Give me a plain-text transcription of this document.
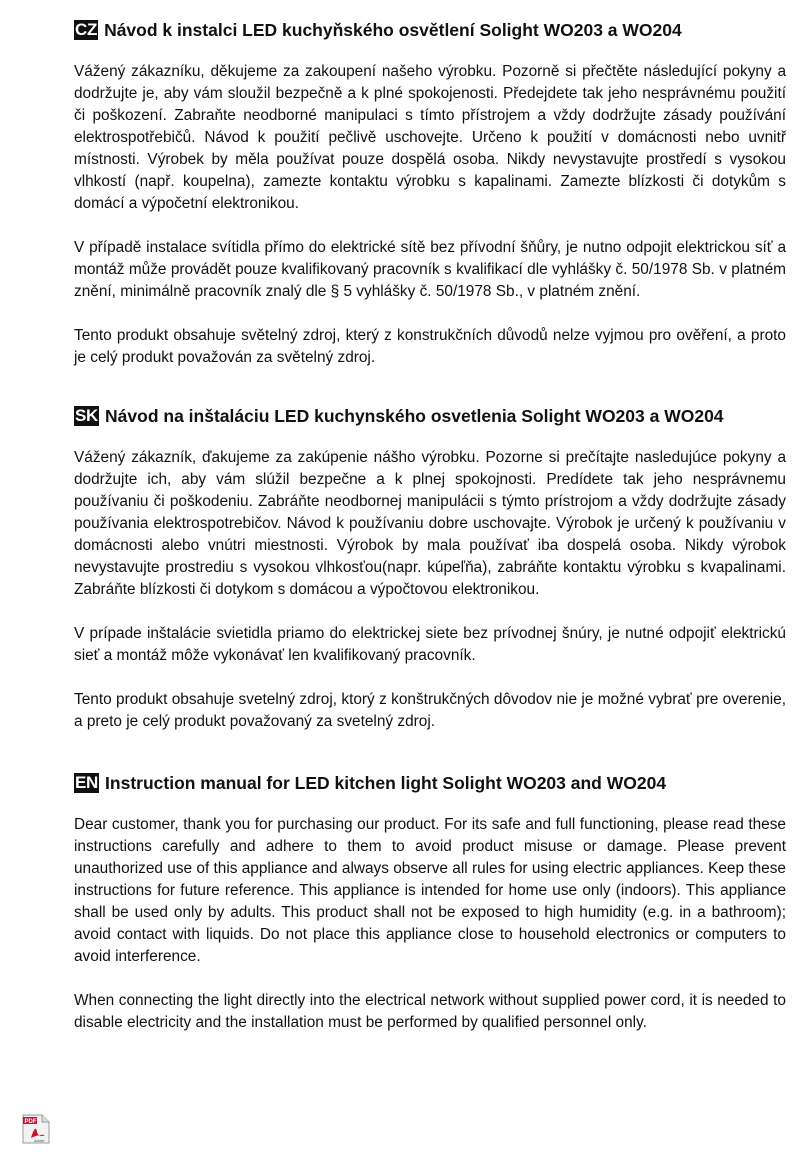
CZ Návod k instalci LED kuchyňského osvětlení Solight WO203 a WO204

Vážený zákazníku, děkujeme za zakoupení našeho výrobku. Pozorně si přečtěte následující pokyny a dodržujte je, aby vám sloužil bezpečně a k plné spokojenosti. Předejdete tak jeho nesprávnému použití či poškození. Zabraňte neodborné manipulaci s tímto přístrojem a vždy dodržujte zásady používání elektrospotřebičů. Návod k použití pečlivě uschovejte. Určeno k použití v domácnosti nebo uvnitř místnosti. Výrobek by měla používat pouze dospělá osoba. Nikdy nevystavujte prostředí s vysokou vlhkostí (např. koupelna), zamezte kontaktu výrobku s kapalinami. Zamezte blízkosti či dotykům s domácí a výpočetní elektronikou.

V případě instalace svítidla přímo do elektrické sítě bez přívodní šňůry, je nutno odpojit elektrickou síť a montáž může provádět pouze kvalifikovaný pracovník s kvalifikací dle vyhlášky č. 50/1978 Sb. v platném znění, minimálně pracovník znalý dle § 5 vyhlášky č. 50/1978 Sb., v platném znění.

Tento produkt obsahuje světelný zdroj, který z konstrukčních důvodů nelze vyjmou pro ověření, a proto je celý produkt považován za světelný zdroj.

SK Návod na inštaláciu LED kuchynského osvetlenia Solight WO203 a WO204

Vážený zákazník, ďakujeme za zakúpenie nášho výrobku. Pozorne si prečítajte nasledujúce pokyny a dodržujte ich, aby vám slúžil bezpečne a k plnej spokojnosti. Predídete tak jeho nesprávnemu používaniu či poškodeniu. Zabráňte neodbornej manipulácii s týmto prístrojom a vždy dodržujte zásady používania elektrospotrebičov. Návod k používaniu dobre uschovajte. Výrobok je určený k používaniu v domácnosti alebo vnútri miestnosti. Výrobok by mala používať iba dospelá osoba. Nikdy výrobok nevystavujte prostrediu s vysokou vlhkosťou(napr. kúpeľňa), zabráňte kontaktu výrobku s kvapalinami. Zabráňte blízkosti či dotykom s domácou a výpočtovou elektronikou.

V prípade inštalácie svietidla priamo do elektrickej siete bez prívodnej šnúry, je nutné odpojiť elektrickú sieť a montáž môže vykonávať len kvalifikovaný pracovník.

Tento produkt obsahuje svetelný zdroj, ktorý z konštrukčných dôvodov nie je možné vybrať pre overenie, a preto je celý produkt považovaný za svetelný zdroj.

EN Instruction manual for LED kitchen light Solight WO203 and WO204

Dear customer, thank you for purchasing our product. For its safe and full functioning, please read these instructions carefully and adhere to them to avoid product misuse or damage. Please prevent unauthorized use of this appliance and always observe all rules for using electric appliances. Keep these instructions for future reference. This appliance is intended for home use only (indoors). This appliance shall be used only by adults. This product shall not be exposed to high humidity (e.g. in a bathroom); avoid contact with liquids. Do not place this appliance close to household electronics or computers to avoid interference.

When connecting the light directly into the electrical network without supplied power cord, it is needed to disable electricity and the installation must be performed by qualified personnel only.

PDF
Adobe
